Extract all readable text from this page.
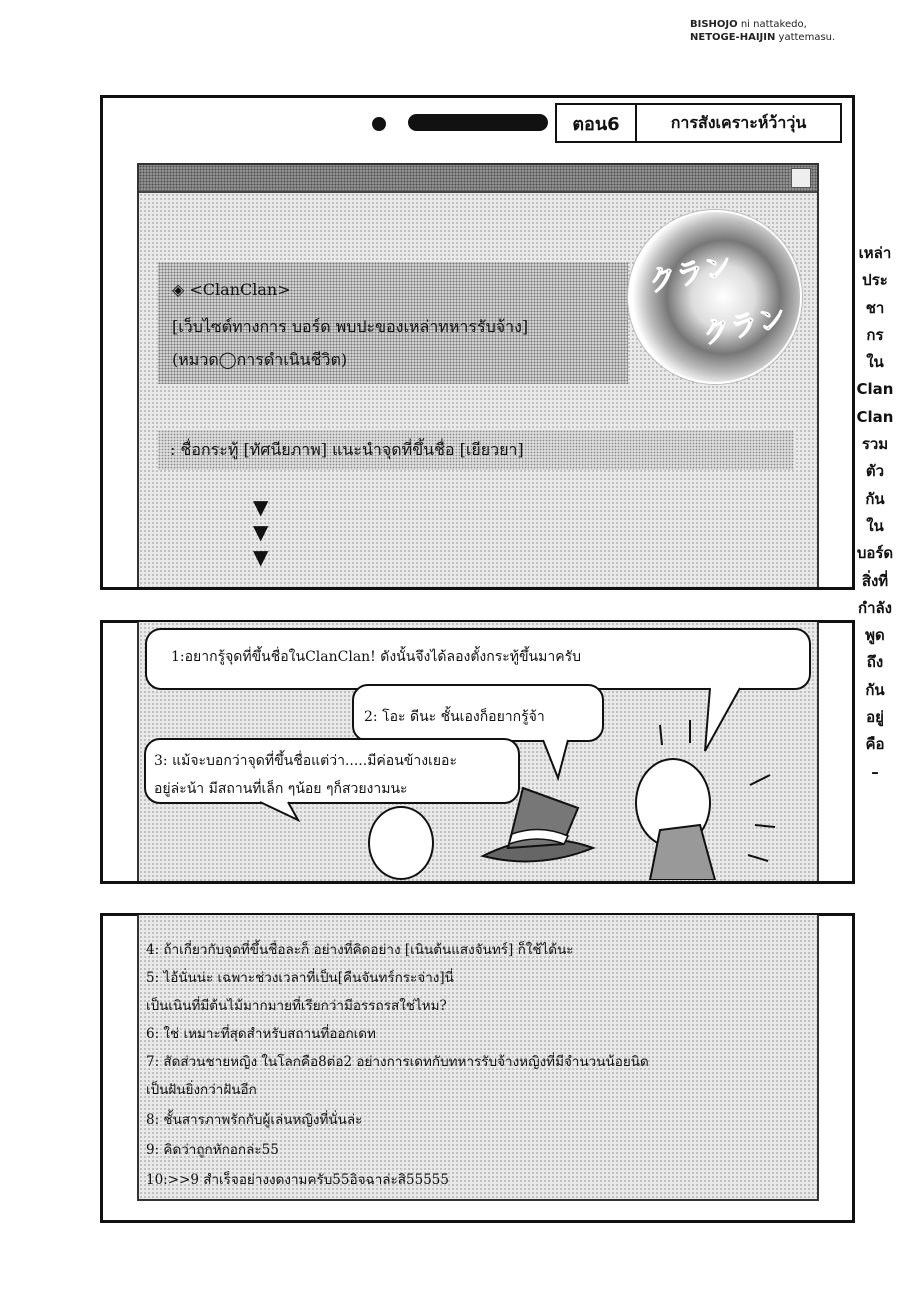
BISHOJO ni nattakedo,
NETOGE-HAIJIN yattemasu.
ตอน6	การสังเคราะห์ว้าวุ่น
◈ <ClanClan>
[เว็บไซต์ทางการ บอร์ด พบปะของเหล่าทหารรับจ้าง]
(หมวด◯การดำเนินชีวิต)
クラン
クラン
: ชื่อกระทู้ [ทัศนียภาพ] แนะนำจุดที่ขึ้นชื่อ [เยียวยา]
▼
▼
▼
เหล่า
ประ
ชา
กร
ใน
Clan
Clan
รวม
ตัว
กัน
ใน
บอร์ด
สิ่งที่
กำลัง
พูด
ถึง
กัน
อยู่
คือ
–
1:อยากรู้จุดที่ขึ้นชื่อในClanClan! ดังนั้นจึงได้ลองตั้งกระทู้ขึ้นมาครับ
2: โอะ ดีนะ ชั้นเองก็อยากรู้จ้า
3: แม้จะบอกว่าจุดที่ขึ้นชื่อแต่ว่า.....มีค่อนข้างเยอะ
อยู่ล่ะน้า มีสถานที่เล็ก ๆน้อย ๆก็สวยงามนะ
4: ถ้าเกี่ยวกับจุดที่ขึ้นชื่อละก็ อย่างที่คิดอย่าง [เนินต้นแสงจันทร์] ก็ใช้ได้นะ
5: ไอ้นั่นน่ะ เฉพาะช่วงเวลาที่เป็น[คืนจันทร์กระจ่าง]นี่
เป็นเนินที่มีต้นไม้มากมายที่เรียกว่ามีอรรถรสใช่ไหม?
6: ใช่ เหมาะที่สุดสำหรับสถานที่ออกเดท
7: สัดส่วนชายหญิง ในโลกคือ8ต่อ2 อย่างการเดทกับทหารรับจ้างหญิงที่มีจำนวนน้อยนิด
เป็นฝันยิ่งกว่าฝันอีก
8: ชั้นสารภาพรักกับผู้เล่นหญิงที่นั่นล่ะ
9: คิดว่าถูกหักอกล่ะ55
10:>>9 สำเร็จอย่างงดงามครับ55อิจฉาล่ะสิ55555
